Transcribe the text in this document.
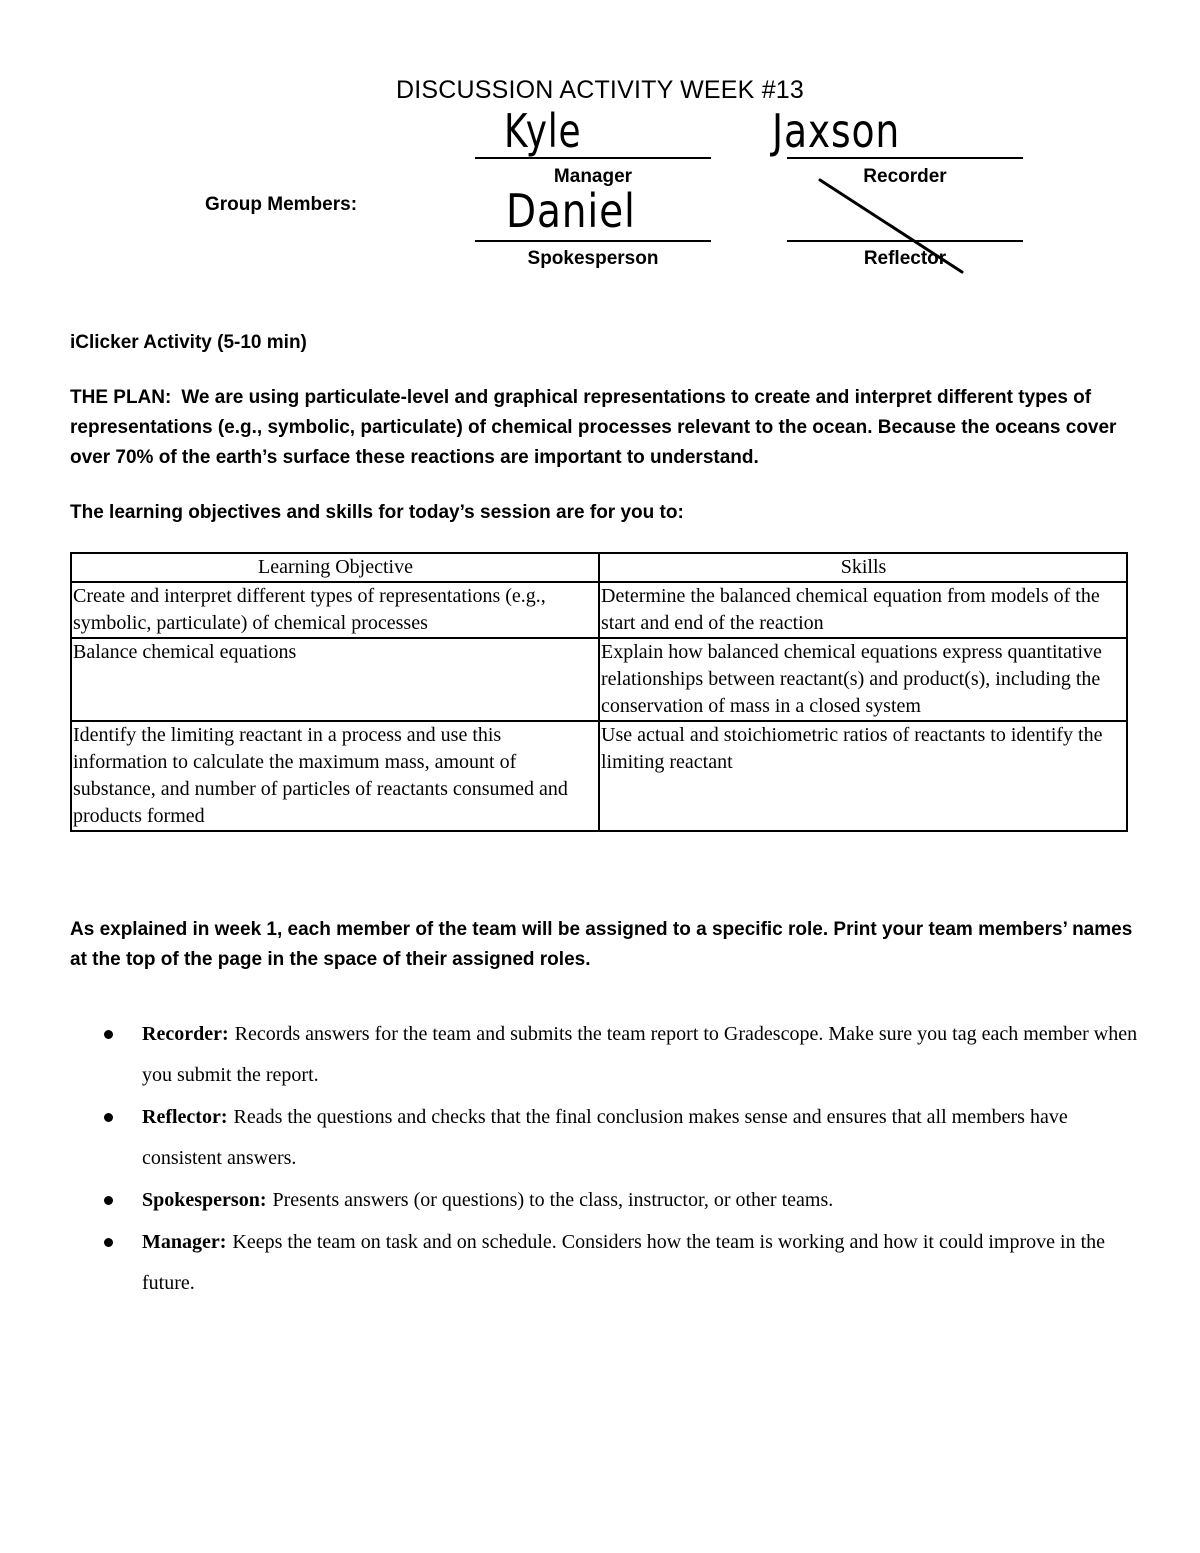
DISCUSSION ACTIVITY WEEK #13
Group Members:
Kyle
Manager
Jaxson
Recorder
Daniel
Spokesperson	Reflector
iClicker Activity (5-10 min)
THE PLAN: We are using particulate-level and graphical representations to create and interpret different types of representations (e.g., symbolic, particulate) of chemical processes relevant to the ocean. Because the oceans cover over 70% of the earth’s surface these reactions are important to understand.
The learning objectives and skills for today’s session are for you to:
Learning Objective	Skills
Create and interpret different types of representations (e.g., symbolic, particulate) of chemical processes	Determine the balanced chemical equation from models of the start and end of the reaction
Balance chemical equations	Explain how balanced chemical equations express quantitative relationships between reactant(s) and product(s), including the conservation of mass in a closed system
Identify the limiting reactant in a process and use this information to calculate the maximum mass, amount of substance, and number of particles of reactants consumed and products formed	Use actual and stoichiometric ratios of reactants to identify the limiting reactant
As explained in week 1, each member of the team will be assigned to a specific role. Print your team members’ names at the top of the page in the space of their assigned roles.
Recorder: Records answers for the team and submits the team report to Gradescope. Make sure you tag each member when you submit the report.
Reflector: Reads the questions and checks that the final conclusion makes sense and ensures that all members have consistent answers.
Spokesperson: Presents answers (or questions) to the class, instructor, or other teams.
Manager: Keeps the team on task and on schedule. Considers how the team is working and how it could improve in the future.
